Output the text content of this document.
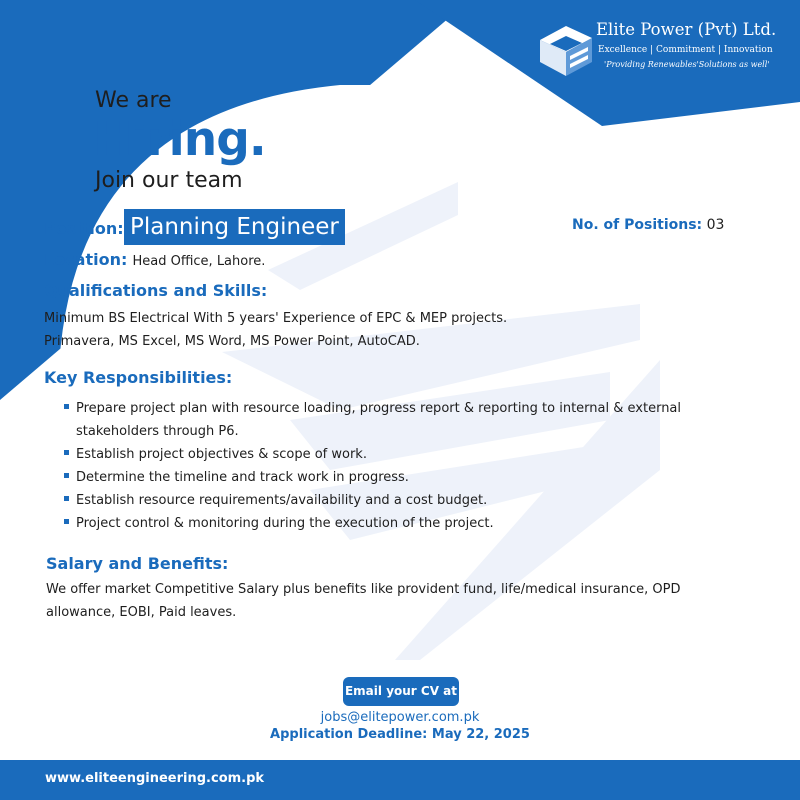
Elite Power (Pvt) Ltd.
Excellence | Commitment | Innovation
'Providing Renewables'Solutions as well'
We are
Hiring.
Join our team
Position: Planning Engineer	No. of Positions: 03
Location: Head Office, Lahore.
Qualifications and Skills:
Minimum BS Electrical With 5 years' Experience of EPC & MEP projects.
Primavera, MS Excel, MS Word, MS Power Point, AutoCAD.
Key Responsibilities:
Prepare project plan with resource loading, progress report & reporting to internal & external stakeholders through P6.
Establish project objectives & scope of work.
Determine the timeline and track work in progress.
Establish resource requirements/availability and a cost budget.
Project control & monitoring during the execution of the project.
Salary and Benefits:
We offer market Competitive Salary plus benefits like provident fund, life/medical insurance, OPD allowance, EOBI, Paid leaves.
Email your CV at
jobs@elitepower.com.pk
Application Deadline: May 22, 2025
www.eliteengineering.com.pk
